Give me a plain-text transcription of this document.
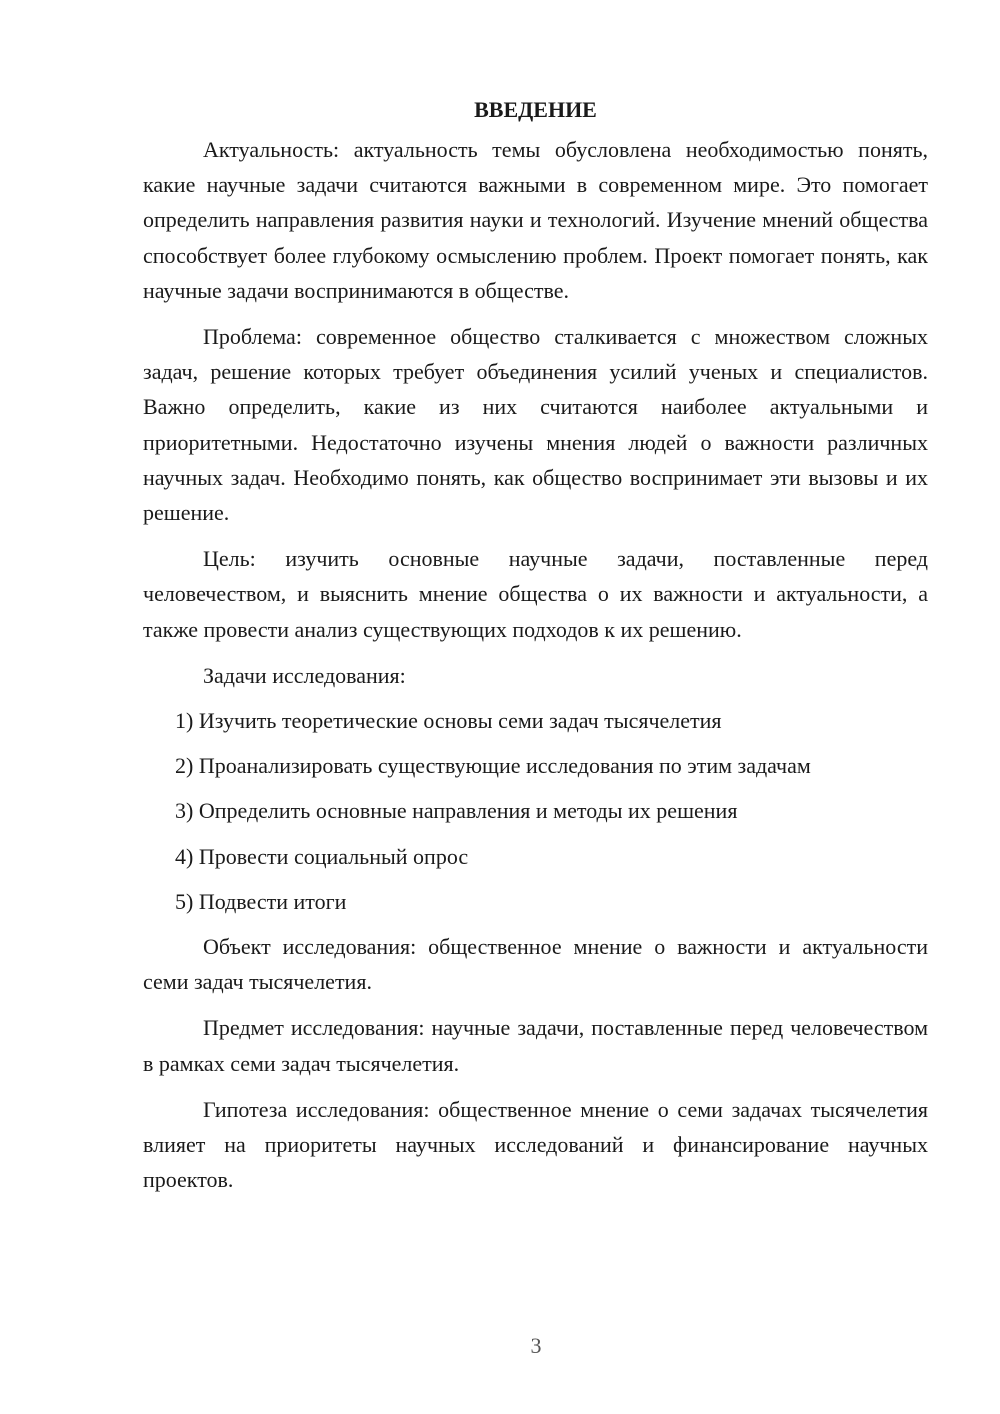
ВВЕДЕНИЕ

Актуальность: актуальность темы обусловлена необходимостью понять, какие научные задачи считаются важными в современном мире. Это помогает определить направления развития науки и технологий. Изучение мнений общества способствует более глубокому осмыслению проблем. Проект помогает понять, как научные задачи воспринимаются в обществе.

Проблема: современное общество сталкивается с множеством сложных задач, решение которых требует объединения усилий ученых и специалистов. Важно определить, какие из них считаются наиболее актуальными и приоритетными. Недостаточно изучены мнения людей о важности различных научных задач. Необходимо понять, как общество воспринимает эти вызовы и их решение.

Цель: изучить основные научные задачи, поставленные перед человечеством, и выяснить мнение общества о их важности и актуальности, а также провести анализ существующих подходов к их решению.

Задачи исследования:

1) Изучить теоретические основы семи задач тысячелетия
2) Проанализировать существующие исследования по этим задачам
3) Определить основные направления и методы их решения
4) Провести социальный опрос
5) Подвести итоги

Объект исследования: общественное мнение о важности и актуальности семи задач тысячелетия.

Предмет исследования: научные задачи, поставленные перед человечеством в рамках семи задач тысячелетия.

Гипотеза исследования: общественное мнение о семи задачах тысячелетия влияет на приоритеты научных исследований и финансирование научных проектов.

3
